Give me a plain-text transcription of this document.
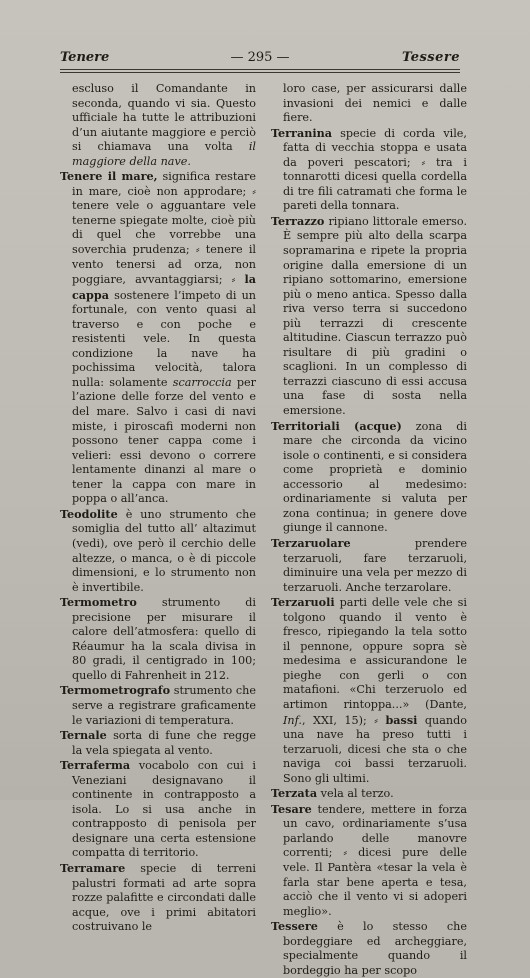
Tenere	— 295 —	Tessere

escluso il Comandante in seconda, quando vi sia. Questo ufficiale ha tutte le attribuzioni d’un aiutante maggiore e perciò si chiamava una volta il maggiore della nave.

Tenere il mare, significa restare in mare, cioè non approdare; ⸗ tenere vele o agguantare vele tenerne spiegate molte, cioè più di quel che vorrebbe una soverchia prudenza; ⸗ tenere il vento tenersi ad orza, non poggiare, avvantaggiarsi; ⸗ la cappa sostenere l’impeto di un fortunale, con vento quasi al traverso e con poche e resistenti vele. In questa condizione la nave ha pochissima velocità, talora nulla: solamente scarroccia per l’azione delle forze del vento e del mare. Salvo i casi di navi miste, i piroscafi moderni non possono tener cappa come i velieri: essi devono o correre lentamente dinanzi al mare o tener la cappa con mare in poppa o all’anca.

Teodolite è uno strumento che somiglia del tutto all’ altazimut (vedi), ove però il cerchio delle altezze, o manca, o è di piccole dimensioni, e lo strumento non è invertibile.

Termometro strumento di precisione per misurare il calore dell’atmosfera: quello di Réaumur ha la scala divisa in 80 gradi, il centigrado in 100; quello di Fahrenheit in 212.

Termometrografo strumento che serve a registrare graficamente le variazioni di temperatura.

Ternale sorta di fune che regge la vela spiegata al vento.

Terraferma vocabolo con cui i Veneziani designavano il continente in contrapposto a isola. Lo si usa anche in contrapposto di penisola per designare una certa estensione compatta di territorio.

Terramare specie di terreni palustri formati ad arte sopra rozze palafitte e circondati dalle acque, ove i primi abitatori costruivano le

loro case, per assicurarsi dalle invasioni dei nemici e dalle fiere.

Terranina specie di corda vile, fatta di vecchia stoppa e usata da poveri pescatori; ⸗ tra i tonnarotti dicesi quella cordella di tre fili catramati che forma le pareti della tonnara.

Terrazzo ripiano littorale emerso. È sempre più alto della scarpa sopramarina e ripete la propria origine dalla emersione di un ripiano sottomarino, emersione più o meno antica. Spesso dalla riva verso terra si succedono più terrazzi di crescente altitudine. Ciascun terrazzo può risultare di più gradini o scaglioni. In un complesso di terrazzi ciascuno di essi accusa una fase di sosta nella emersione.

Territoriali (acque) zona di mare che circonda da vicino isole o continenti, e si considera come proprietà e dominio accessorio al medesimo: ordinariamente si valuta per zona continua; in genere dove giunge il cannone.

Terzaruolare prendere terzaruoli, fare terzaruoli, diminuire una vela per mezzo di terzaruoli. Anche terzarolare.

Terzaruoli parti delle vele che si tolgono quando il vento è fresco, ripiegando la tela sotto il pennone, oppure sopra sè medesima e assicurandone le pieghe con gerli o con matafioni. «Chi terzeruolo ed artimon rintoppa...» (Dante, Inf., XXI, 15); ⸗ bassi quando una nave ha preso tutti i terzaruoli, dicesi che sta o che naviga coi bassi terzaruoli. Sono gli ultimi.

Terzata vela al terzo.

Tesare tendere, mettere in forza un cavo, ordinariamente s’usa parlando delle manovre correnti; ⸗ dicesi pure delle vele. Il Pantèra «tesar la vela è farla star bene aperta e tesa, acciò che il vento vi si adoperi meglio».

Tessere è lo stesso che bordeggiare ed archeggiare, specialmente quando il bordeggio ha per scopo
